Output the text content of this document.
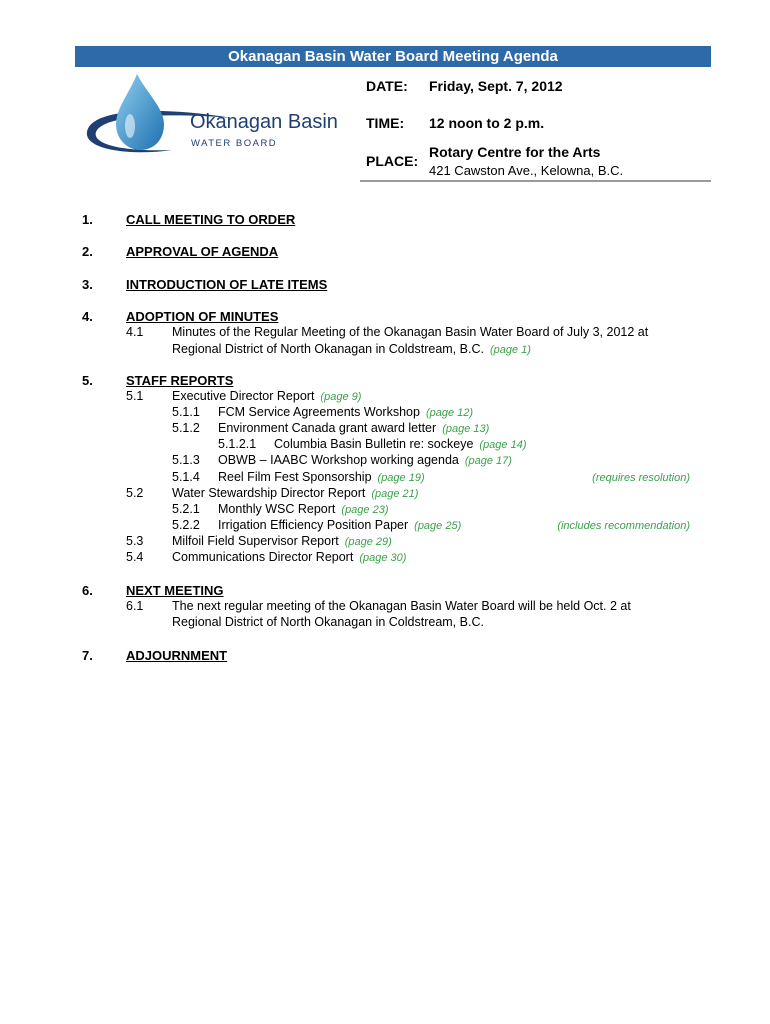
Okanagan Basin Water Board Meeting Agenda
Okanagan Basin
WATER BOARD
DATE: Friday, Sept. 7, 2012
TIME: 12 noon to 2 p.m.
PLACE:
Rotary Centre for the Arts
421 Cawston Ave., Kelowna, B.C.
1.	CALL MEETING TO ORDER
2.	APPROVAL OF AGENDA
3.	INTRODUCTION OF LATE ITEMS
4.	ADOPTION OF MINUTES
4.1 Minutes of the Regular Meeting of the Okanagan Basin Water Board of July 3, 2012 at
Regional District of North Okanagan in Coldstream, B.C. (page 1)
5.	STAFF REPORTS
5.1 Executive Director Report (page 9)
5.1.1 FCM Service Agreements Workshop (page 12)
5.1.2 Environment Canada grant award letter (page 13)
5.1.2.1 Columbia Basin Bulletin re: sockeye (page 14)
5.1.3 OBWB – IAABC Workshop working agenda (page 17)
5.1.4 Reel Film Fest Sponsorship (page 19)	(requires resolution)
5.2 Water Stewardship Director Report (page 21)
5.2.1 Monthly WSC Report (page 23)
5.2.2 Irrigation Efficiency Position Paper (page 25)	(includes recommendation)
5.3 Milfoil Field Supervisor Report (page 29)
5.4 Communications Director Report (page 30)
6.	NEXT MEETING
6.1 The next regular meeting of the Okanagan Basin Water Board will be held Oct. 2 at
Regional District of North Okanagan in Coldstream, B.C.
7.	ADJOURNMENT
